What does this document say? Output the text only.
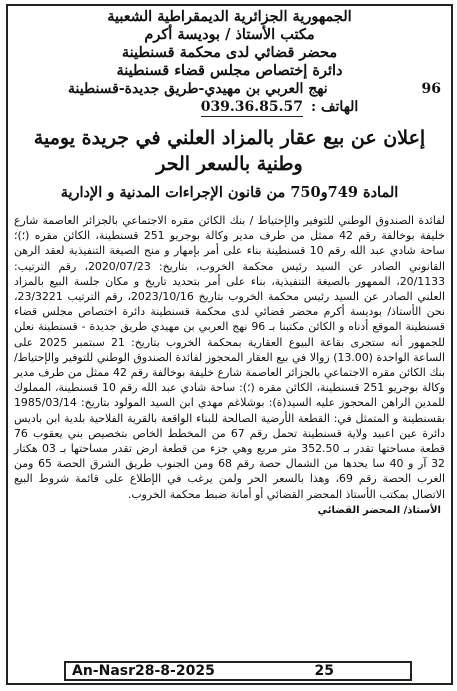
الجمهورية الجزائرية الديمقراطية الشعبية
مكتب الأستاذ / بوديسة أكرم
محضر قضائي لدى محكمة قسنطينة
دائرة إختصاص مجلس قضاء قسنطينة
96
نهج العربي بن مهيدي-طريق جديدة-قسنطينة
الهاتف :
039.36.85.57
إعلان عن بيع عقار بالمزاد العلني في جريدة يومية
وطنية بالسعر الحر
المادة 749و750 من قانون الإجراءات المدنية و الإدارية
لفائدة الصندوق الوطني للتوفير والإحتياط / بنك الكائن مقره الاجتماعي بالجزائر العاصمة شارع خليفة بوخالفة رقم 42 ممثل من طرف مدير وكالة بوجريو 251 قسنطينة، الكائن مقره (؛)؛ ساحة شادي عبد الله رقم 10 قسنطينة بناء على أمر بإمهار و منح الصيغة التنفيذية لعقد الرهن القانوني الصادر عن السيد رئيس محكمة الخروب، بتاريخ: 2020/07/23، رقم الترتيب: 20/1133، الممهور بالصيغة التنفيذية، بناء على أمر بتحديد تاريخ و مكان جلسة البيع بالمزاد العلني الصادر عن السيد رئيس محكمة الخروب بتاريخ 2023/10/16، رقم الترتيب 23/3221، نحن الأستاذ/ بوديسة أكرم محضر قضائي لدى محكمة قسنطينة دائرة اختصاص مجلس قضاء قسنطينة الموقع أدناه و الكائن مكتبنا بـ 96 نهج العربي بن مهيدي طريق جديدة - قسنطينة نعلن للجمهور أنه ستجرى بقاعة البيوع العقارية بمحكمة الخروب بتاريخ: 21 سبتمبر 2025 على الساعة الواحدة (13.00) زوالا في بيع العقار المحجوز لفائدة الصندوق الوطني للتوفير والإحتياط/ بنك الكائن مقره الاجتماعي بالجزائر العاصمة شارع خليفة بوخالفة رقم 42 ممثل من طرف مدير وكالة بوجريو 251 قسنطينة، الكائن مقره (؛): ساحة شادي عبد الله رقم 10 قسنطينة، المملوك للمدين الراهن المحجوز عليه السيد(ة): بوشلاغم مهدي ابن السيد المولود بتاريخ: 1985/03/14 بقسنطينة و المتمثل في: القطعة الأرضية الصالحة للبناء الواقعة بالقرية الفلاحية بلدية ابن باديس دائرة عين اعبيد ولاية قسنطينة تحمل رقم 67 من المخطط الخاص بتخصيص بني يعقوب 76 قطعة مساحتها تقدر بـ 352.50 متر مربع وهي جزء من قطعة ارض تقدر مساحتها بـ 03 هكتار 32 آر و 40 سا يحدها من الشمال حصة رقم 68 ومن الجنوب طريق الشرق الحصة 65 ومن الغرب الحصة رقم 69، وهذا بالسعر الحر ولمن يرغب في الإطلاع على قائمة شروط البيع الاتصال بمكتب الأستاذ المحضر القضائي أو أمانة ضبط محكمة الخروب.
الأستاذ/ المحضر القضائي
An-Nasr28-8-2025	25
